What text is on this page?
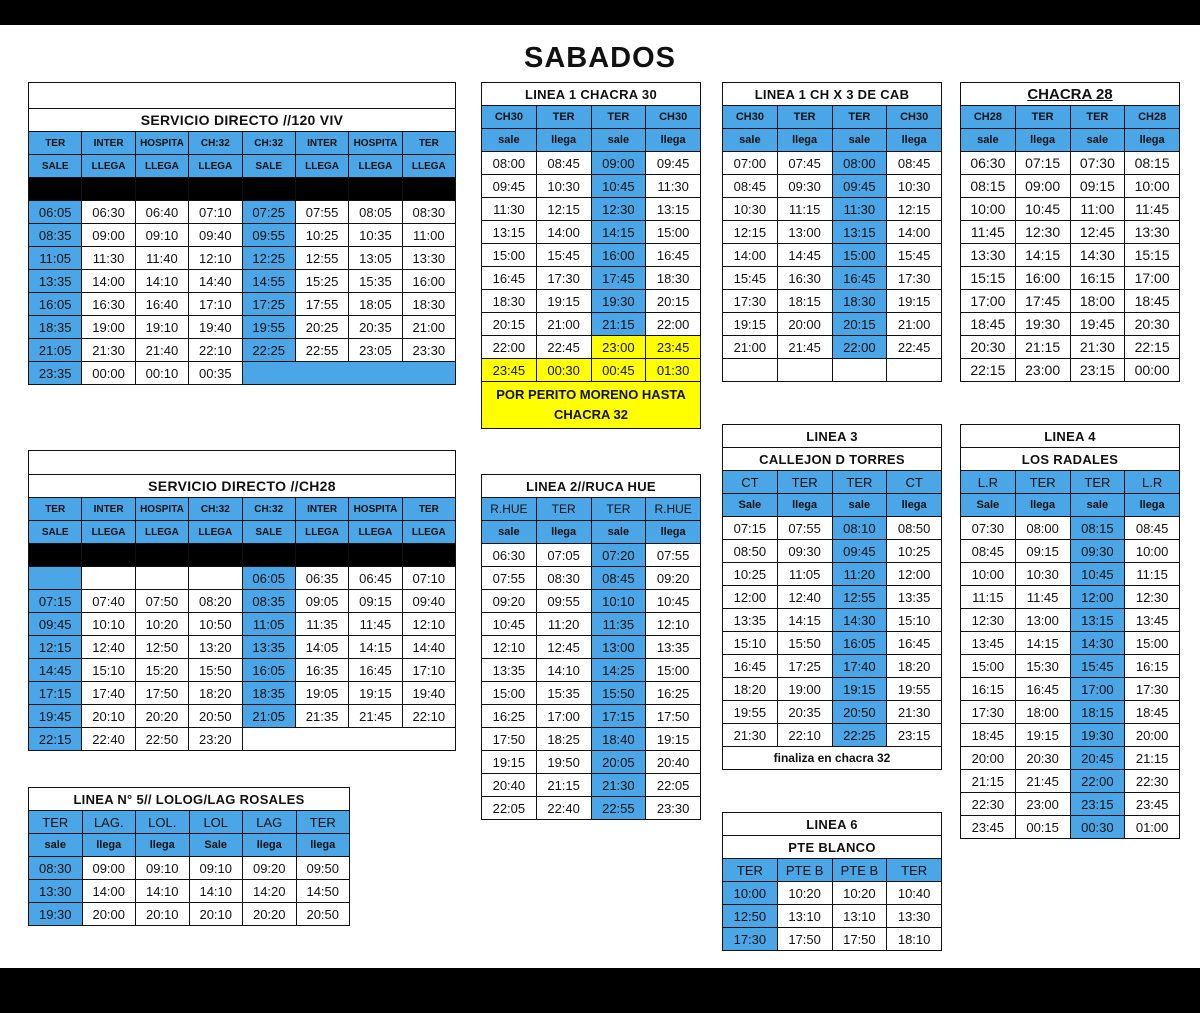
SABADOS

SERVICIO DIRECTO //120 VIV							
TER	INTER	HOSPITA	CH:32	CH:32	INTER	HOSPITA	TER
SALE	LLEGA	LLEGA	LLEGA	SALE	LLEGA	LLEGA	LLEGA

06:05	06:30	06:40	07:10	07:25	07:55	08:05	08:30
08:35	09:00	09:10	09:40	09:55	10:25	10:35	11:00
11:05	11:30	11:40	12:10	12:25	12:55	13:05	13:30
13:35	14:00	14:10	14:40	14:55	15:25	15:35	16:00
16:05	16:30	16:40	17:10	17:25	17:55	18:05	18:30
18:35	19:00	19:10	19:40	19:55	20:25	20:35	21:00
21:05	21:30	21:40	22:10	22:25	22:55	23:05	23:30
23:35	00:00	00:10	00:35				

SERVICIO DIRECTO //CH28							
TER	INTER	HOSPITA	CH:32	CH:32	INTER	HOSPITA	TER
SALE	LLEGA	LLEGA	LLEGA	SALE	LLEGA	LLEGA	LLEGA

				06:05	06:35	06:45	07:10
07:15	07:40	07:50	08:20	08:35	09:05	09:15	09:40
09:45	10:10	10:20	10:50	11:05	11:35	11:45	12:10
12:15	12:40	12:50	13:20	13:35	14:05	14:15	14:40
14:45	15:10	15:20	15:50	16:05	16:35	16:45	17:10
17:15	17:40	17:50	18:20	18:35	19:05	19:15	19:40
19:45	20:10	20:20	20:50	21:05	21:35	21:45	22:10
22:15	22:40	22:50	23:20				
LINEA 1 CHACRA 30			
CH30	TER	TER	CH30
sale	llega	sale	llega
08:00	08:45	09:00	09:45
09:45	10:30	10:45	11:30
11:30	12:15	12:30	13:15
13:15	14:00	14:15	15:00
15:00	15:45	16:00	16:45
16:45	17:30	17:45	18:30
18:30	19:15	19:30	20:15
20:15	21:00	21:15	22:00
22:00	22:45	23:00	23:45
23:45	00:30	00:45	01:30
POR PERITO MORENO HASTA CHACRA 32			
LINEA 1 CH X 3 DE CAB			
CH30	TER	TER	CH30
sale	llega	sale	llega
07:00	07:45	08:00	08:45
08:45	09:30	09:45	10:30
10:30	11:15	11:30	12:15
12:15	13:00	13:15	14:00
14:00	14:45	15:00	15:45
15:45	16:30	16:45	17:30
17:30	18:15	18:30	19:15
19:15	20:00	20:15	21:00
21:00	21:45	22:00	22:45

CHACRA 28			
CH28	TER	TER	CH28
sale	llega	sale	llega
06:30	07:15	07:30	08:15
08:15	09:00	09:15	10:00
10:00	10:45	11:00	11:45
11:45	12:30	12:45	13:30
13:30	14:15	14:30	15:15
15:15	16:00	16:15	17:00
17:00	17:45	18:00	18:45
18:45	19:30	19:45	20:30
20:30	21:15	21:30	22:15
22:15	23:00	23:15	00:00
LINEA 2//RUCA HUE			
R.HUE	TER	TER	R.HUE
sale	llega	sale	llega
06:30	07:05	07:20	07:55
07:55	08:30	08:45	09:20
09:20	09:55	10:10	10:45
10:45	11:20	11:35	12:10
12:10	12:45	13:00	13:35
13:35	14:10	14:25	15:00
15:00	15:35	15:50	16:25
16:25	17:00	17:15	17:50
17:50	18:25	18:40	19:15
19:15	19:50	20:05	20:40
20:40	21:15	21:30	22:05
22:05	22:40	22:55	23:30
LINEA 3			
CALLEJON D TORRES			
CT	TER	TER	CT
Sale	llega	sale	llega
07:15	07:55	08:10	08:50
08:50	09:30	09:45	10:25
10:25	11:05	11:20	12:00
12:00	12:40	12:55	13:35
13:35	14:15	14:30	15:10
15:10	15:50	16:05	16:45
16:45	17:25	17:40	18:20
18:20	19:00	19:15	19:55
19:55	20:35	20:50	21:30
21:30	22:10	22:25	23:15
finaliza en chacra 32			
LINEA 4			
LOS RADALES			
L.R	TER	TER	L.R
Sale	llega	sale	llega
07:30	08:00	08:15	08:45
08:45	09:15	09:30	10:00
10:00	10:30	10:45	11:15
11:15	11:45	12:00	12:30
12:30	13:00	13:15	13:45
13:45	14:15	14:30	15:00
15:00	15:30	15:45	16:15
16:15	16:45	17:00	17:30
17:30	18:00	18:15	18:45
18:45	19:15	19:30	20:00
20:00	20:30	20:45	21:15
21:15	21:45	22:00	22:30
22:30	23:00	23:15	23:45
23:45	00:15	00:30	01:00
LINEA N° 5// LOLOG/LAG ROSALES					
TER	LAG.	LOL.	LOL	LAG	TER
sale	llega	llega	Sale	llega	llega
08:30	09:00	09:10	09:10	09:20	09:50
13:30	14:00	14:10	14:10	14:20	14:50
19:30	20:00	20:10	20:10	20:20	20:50
LINEA 6			
PTE BLANCO			
TER	PTE B	PTE B	TER
10:00	10:20	10:20	10:40
12:50	13:10	13:10	13:30
17:30	17:50	17:50	18:10
